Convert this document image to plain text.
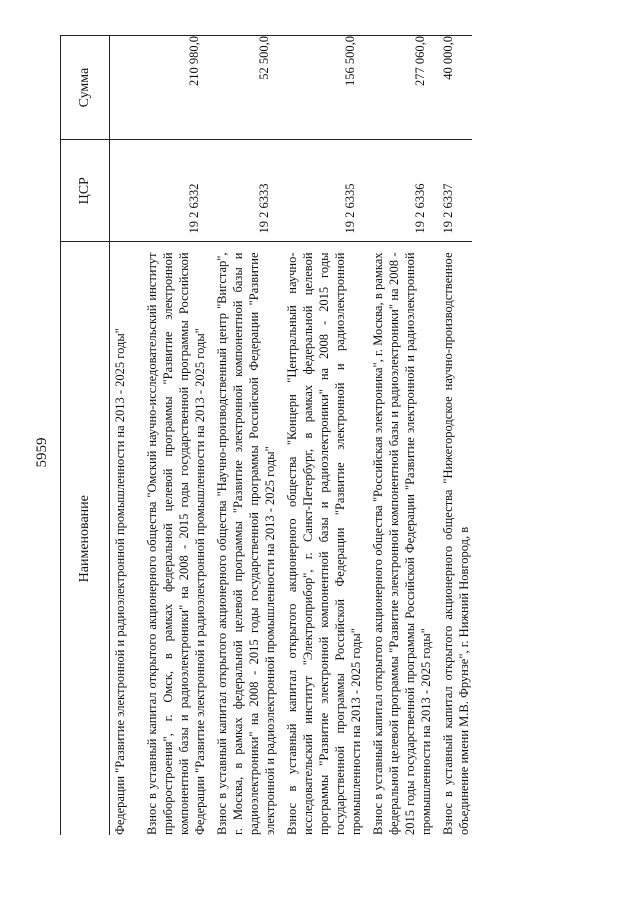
5959
Наименование	ЦСР	Сумма

Федерации "Развитие электронной и радиоэлектронной промышленности на 2013 - 2025 годы"		

Взнос в уставный капитал открытого акционерного общества "Омский научно-исследовательский институт приборостроения", г. Омск, в рамках федеральной целевой программы "Развитие электронной компонентной базы и радиоэлектроники" на 2008 - 2015 годы государственной программы Российской Федерации "Развитие электронной и радиоэлектронной промышленности на 2013 - 2025 годы"	19 2 6332	210 980,0

Взнос в уставный капитал открытого акционерного общества "Научно-производственный центр "Вигстар", г. Москва, в рамках федеральной целевой программы "Развитие электронной компонентной базы и радиоэлектроники" на 2008 - 2015 годы государственной программы Российской Федерации "Развитие электронной и радиоэлектронной промышленности на 2013 - 2025 годы"	19 2 6333	52 500,0

Взнос в уставный капитал открытого акционерного общества "Концерн "Центральный научно-исследовательский институт "Электроприбор", г. Санкт-Петербург, в рамках федеральной целевой программы "Развитие электронной компонентной базы и радиоэлектроники" на 2008 - 2015 годы государственной программы Российской Федерации "Развитие электронной и радиоэлектронной промышленности на 2013 - 2025 годы"	19 2 6335	156 500,0

Взнос в уставный капитал открытого акционерного общества "Российская электроника", г. Москва, в рамках федеральной целевой программы "Развитие электронной компонентной базы и радиоэлектроники" на 2008 - 2015 годы государственной программы Российской Федерации "Развитие электронной и радиоэлектронной промышленности на 2013 - 2025 годы"	19 2 6336	277 060,0

Взнос в уставный капитал открытого акционерного общества "Нижегородское научно-производственное объединение имени М.В. Фрунзе", г. Нижний Новгород, в	19 2 6337	40 000,0
